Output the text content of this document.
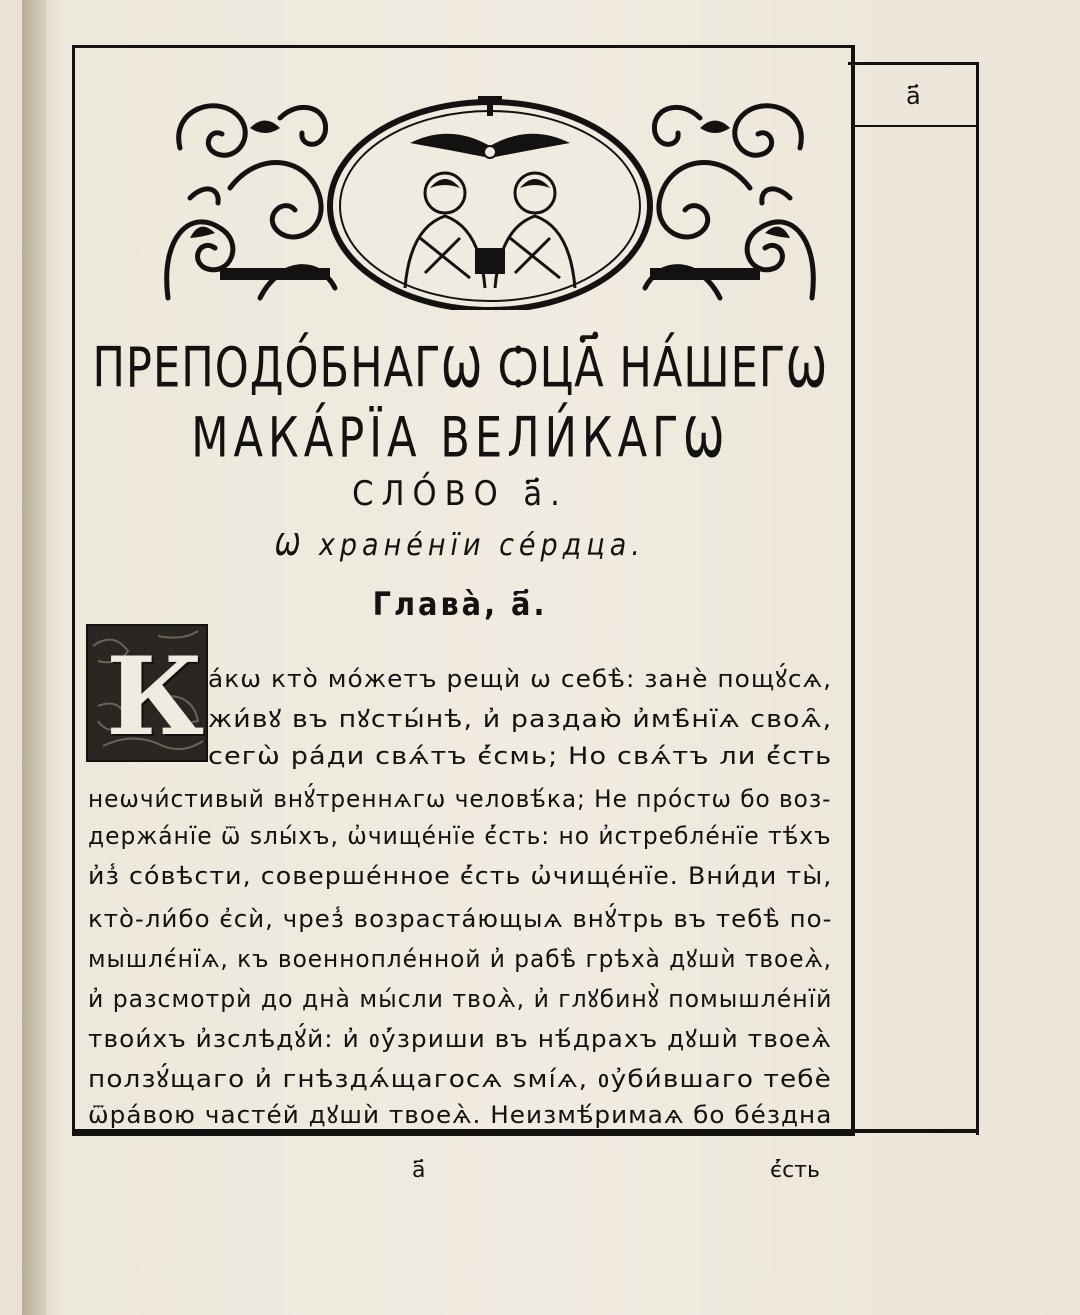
а҃
ПРЕПОДО́БНАГѠ ѺЦА҃ НА́ШЕГѠ
МАКА́РЇА ВЕЛИ́КАГѠ
СЛО́ВО а҃.
Ѡ хране́нїи се́рдца.
Глава̀, а҃.
К а́кѡ кто̀ мо́жетъ рещѝ ѡ себѣ̀: занѐ пощꙋ́сѧ,
жи́вꙋ въ пꙋсты́нѣ, и҆ раздаю̀ и҆мѣ̑нїѧ своѧ̑,
сегѡ̀ ра́ди свѧ́тъ є҆́смь; Но свѧ́тъ ли є҆́сть
неѡчи́стивый внꙋ́треннѧгѡ человѣ́ка; Не про́стѡ бо воз-
держа́нїе ѿ ѕлы́хъ, ѡ҆чище́нїе є҆́сть: но и҆стребле́нїе тѣ́хъ
и҆з̾ со́вѣсти, соверше́нное є҆́сть ѡ҆чище́нїе. Вни́ди ты̀,
кто̀-ли́бо є҆сѝ, чрез̾ возраста́ющыѧ внꙋ́трь въ тебѣ̀ по-
мышлє́нїѧ, къ военнопле́нной и҆ рабѣ̀ грѣха̀ дꙋшѝ твоеѧ̀,
и҆ разсмотрѝ до дна̀ мы́сли твоѧ̀, и҆ глꙋбинꙋ̀ помышле́нїй
твои́хъ и҆зслѣдꙋ́й: и҆ ᲂу҆́зриши въ нѣ́драхъ дꙋшѝ твоеѧ̀
ползꙋ́щаго и҆ гнѣздѧ́щагосѧ ѕмі́ѧ, ᲂу҆би́вшаго тебѐ
ѿра́вою часте́й дꙋшѝ твоеѧ̀. Неизмѣ́римаѧ бо бе́здна
а҃	є҆́сть
